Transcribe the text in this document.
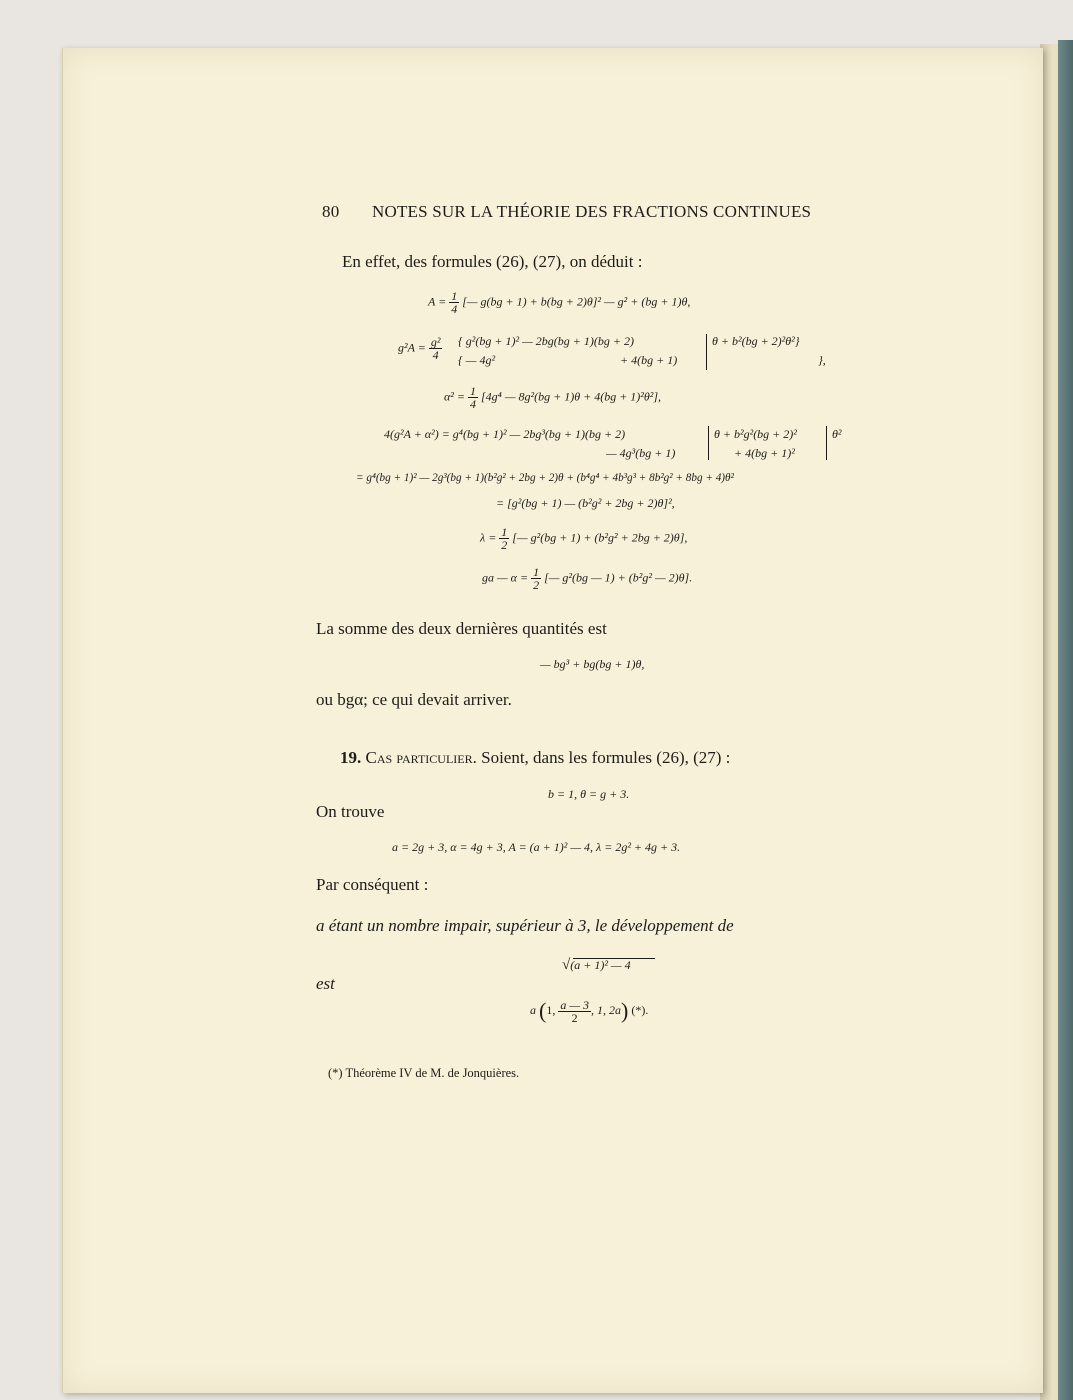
80 NOTES SUR LA THÉORIE DES FRACTIONS CONTINUES
En effet, des formules (26), (27), on déduit :
$A = \frac{1}{4}$ [— g(bg + 1) + b(bg + 2)θ]² — g² + (bg + 1)θ,
$g^2A = \frac{\text{g²}}{4}$ { g²(bg + 1)² — 2bg(bg + 1)(bg + 2)	θ + b²(bg + 2)²θ²}
{ — 4g²	+ 4(bg + 1)	},
$\alpha^2 = \frac{1}{4} [4g^4$ — 8g²(bg + 1)θ + 4(bg + 1)²θ²],
4(g²A + α²) = g⁴(bg + 1)² — 2bg³(bg + 1)(bg + 2)	θ + b²g²(bg + 2)²	θ²
— 4g³(bg + 1)	+ 4(bg + 1)²
= g⁴(bg + 1)² — 2g³(bg + 1)(b²g² + 2bg + 2)θ + (b⁴g⁴ + 4b³g³ + 8b²g² + 8bg + 4)θ²
= [g²(bg + 1) — (b²g² + 2bg + 2)θ]²,
$\lambda = \frac{1}{2}$ [— g²(bg + 1) + (b²g² + 2bg + 2)θ],
ga — $\alpha = \frac{1}{2}$ [— g²(bg — 1) + (b²g² — 2)θ].
La somme des deux dernières quantités est
— bg³ + bg(bg + 1)θ,
ou bgα; ce qui devait arriver.
19. Cas particulier. Soient, dans les formules (26), (27) :
b = 1, θ = g + 3.
On trouve
a = 2g + 3, α = 4g + 3, A = (a + 1)² — 4, λ = 2g² + 4g + 3.
Par conséquent :
a étant un nombre impair, supérieur à 3, le développement de
√(a + 1)² — 4
est
a (1, $\frac{a — 3}{2}$ , 1, 2a) (*).
(*) Théorème IV de M. de Jonquières.
